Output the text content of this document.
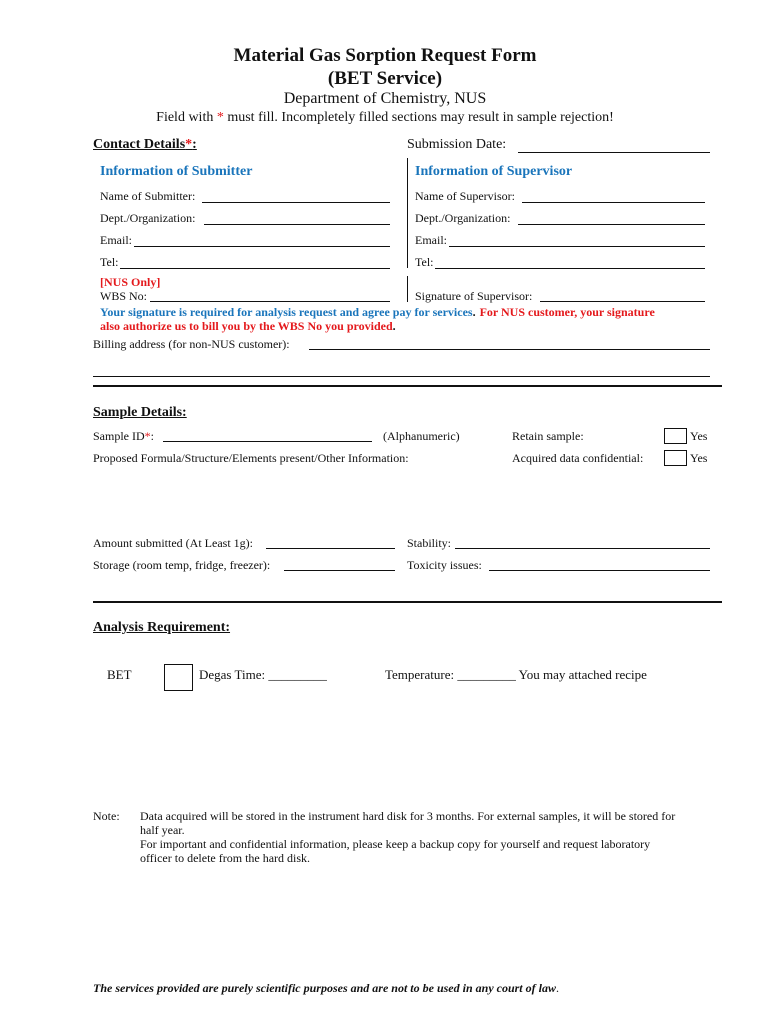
Material Gas Sorption Request Form
(BET Service)
Department of Chemistry, NUS
Field with * must fill. Incompletely filled sections may result in sample rejection!
Contact Details*:	Submission Date:
Information of Submitter	Information of Supervisor
Name of Submitter:
Dept./Organization:
Email:
Tel:
[NUS Only]
WBS No:
Name of Supervisor:
Dept./Organization:
Email:
Tel:
Signature of Supervisor:
Your signature is required for analysis request and agree pay for services. For NUS customer, your signature
also authorize us to bill you by the WBS No you provided.
Billing address (for non-NUS customer):
Sample Details:
Sample ID*:	(Alphanumeric)	Retain sample:	Yes
Proposed Formula/Structure/Elements present/Other Information:	Acquired data confidential:	Yes
Amount submitted (At Least 1g):	Stability:
Storage (room temp, fridge, freezer):	Toxicity issues:
Analysis Requirement:
BET	Degas Time: _________	Temperature: _________ You may attached recipe
Note: Data acquired will be stored in the instrument hard disk for 3 months. For external samples, it will be stored for
half year.
For important and confidential information, please keep a backup copy for yourself and request laboratory
officer to delete from the hard disk.
The services provided are purely scientific purposes and are not to be used in any court of law.
